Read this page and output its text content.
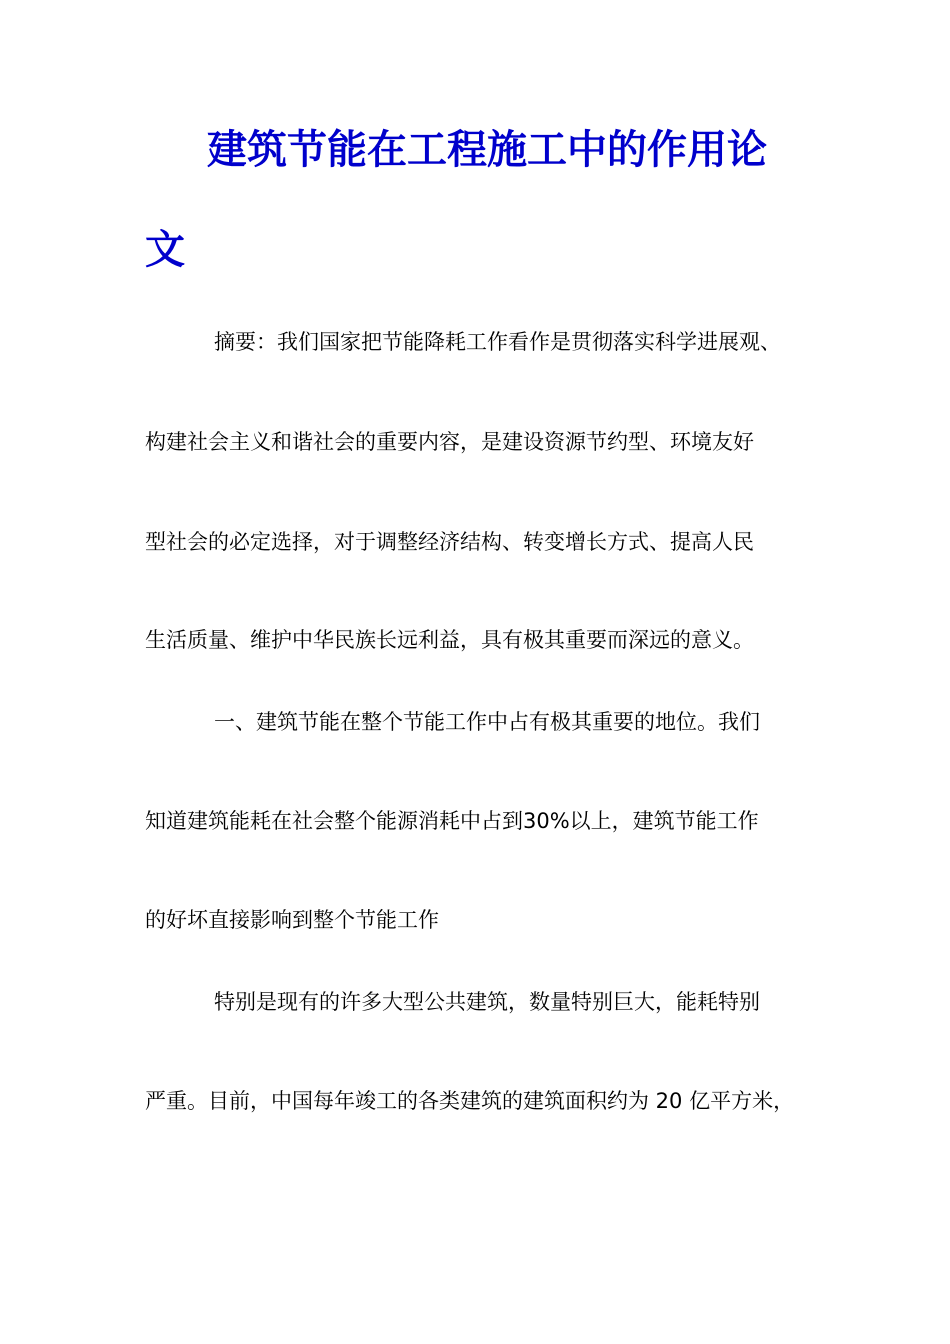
建筑节能在工程施工中的作用论
文
摘要：我们国家把节能降耗工作看作是贯彻落实科学进展观、
构建社会主义和谐社会的重要内容，是建设资源节约型、环境友好
型社会的必定选择，对于调整经济结构、转变增长方式、提高人民
生活质量、维护中华民族长远利益，具有极其重要而深远的意义。
一、建筑节能在整个节能工作中占有极其重要的地位。我们
知道建筑能耗在社会整个能源消耗中占到30%以上，建筑节能工作
的好坏直接影响到整个节能工作
特别是现有的许多大型公共建筑，数量特别巨大，能耗特别
严重。目前，中国每年竣工的各类建筑的建筑面积约为 20 亿平方米，
